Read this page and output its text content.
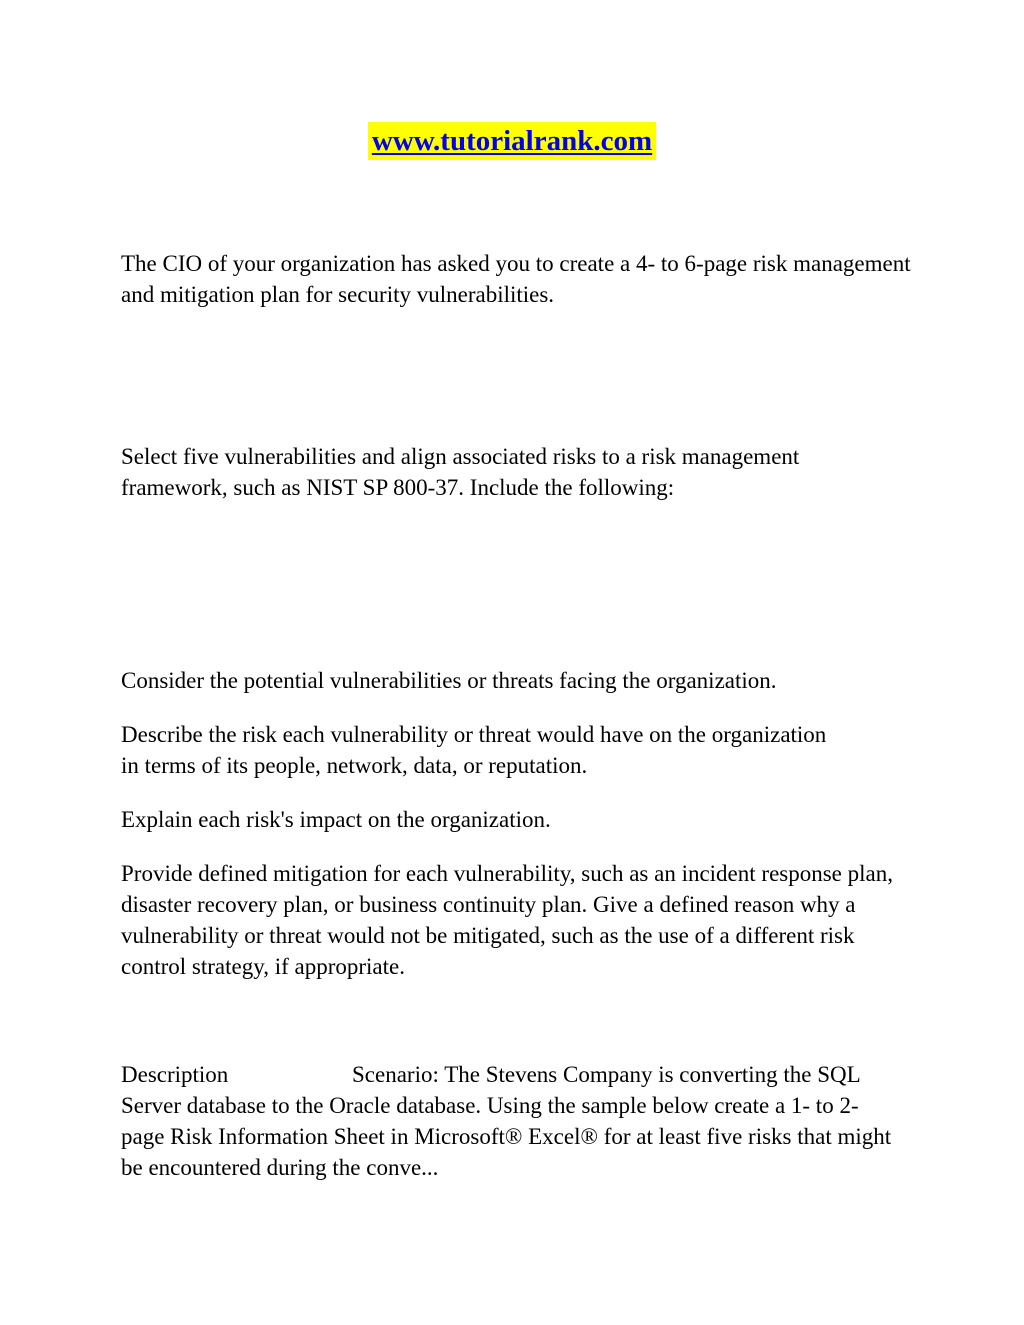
www.tutorialrank.com

The CIO of your organization has asked you to create a 4- to 6-page risk management and mitigation plan for security vulnerabilities.

Select five vulnerabilities and align associated risks to a risk management framework, such as NIST SP 800-37. Include the following:

Consider the potential vulnerabilities or threats facing the organization.

Describe the risk each vulnerability or threat would have on the organization in terms of its people, network, data, or reputation.

Explain each risk's impact on the organization.

Provide defined mitigation for each vulnerability, such as an incident response plan, disaster recovery plan, or business continuity plan. Give a defined reason why a vulnerability or threat would not be mitigated, such as the use of a different risk control strategy, if appropriate.

Description	Scenario: The Stevens Company is converting the SQL Server database to the Oracle database. Using the sample below create a 1- to 2-page Risk Information Sheet in Microsoft® Excel® for at least five risks that might be encountered during the conve...
